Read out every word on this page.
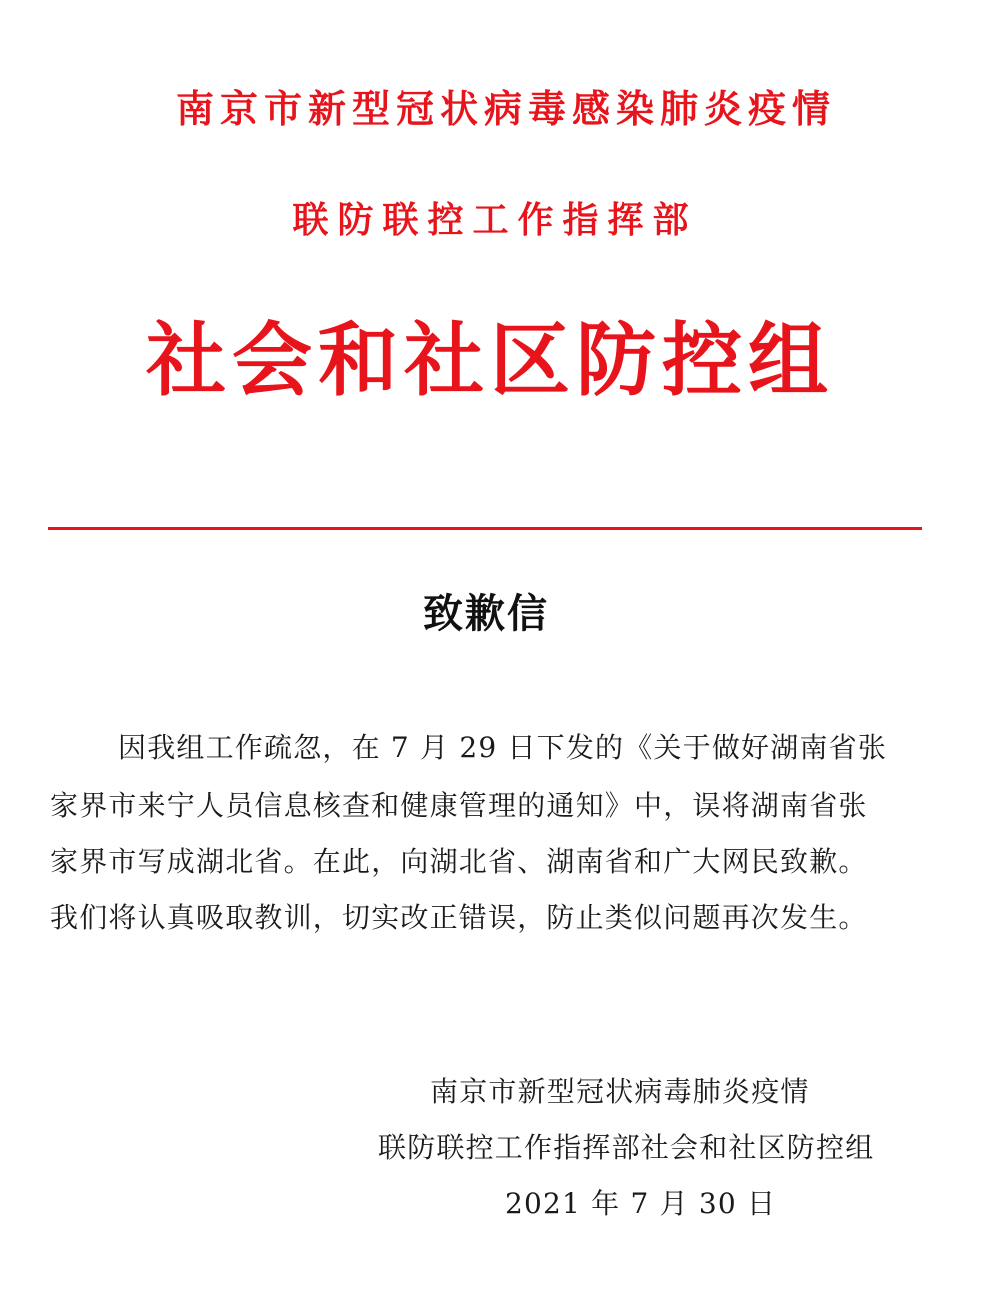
南京市新型冠状病毒感染肺炎疫情
联防联控工作指挥部
社会和社区防控组
致歉信
因我组工作疏忽，在 7 月 29 日下发的《关于做好湖南省张
家界市来宁人员信息核查和健康管理的通知》中，误将湖南省张
家界市写成湖北省。在此，向湖北省、湖南省和广大网民致歉。
我们将认真吸取教训，切实改正错误，防止类似问题再次发生。
南京市新型冠状病毒肺炎疫情
联防联控工作指挥部社会和社区防控组
2021 年 7 月 30 日
